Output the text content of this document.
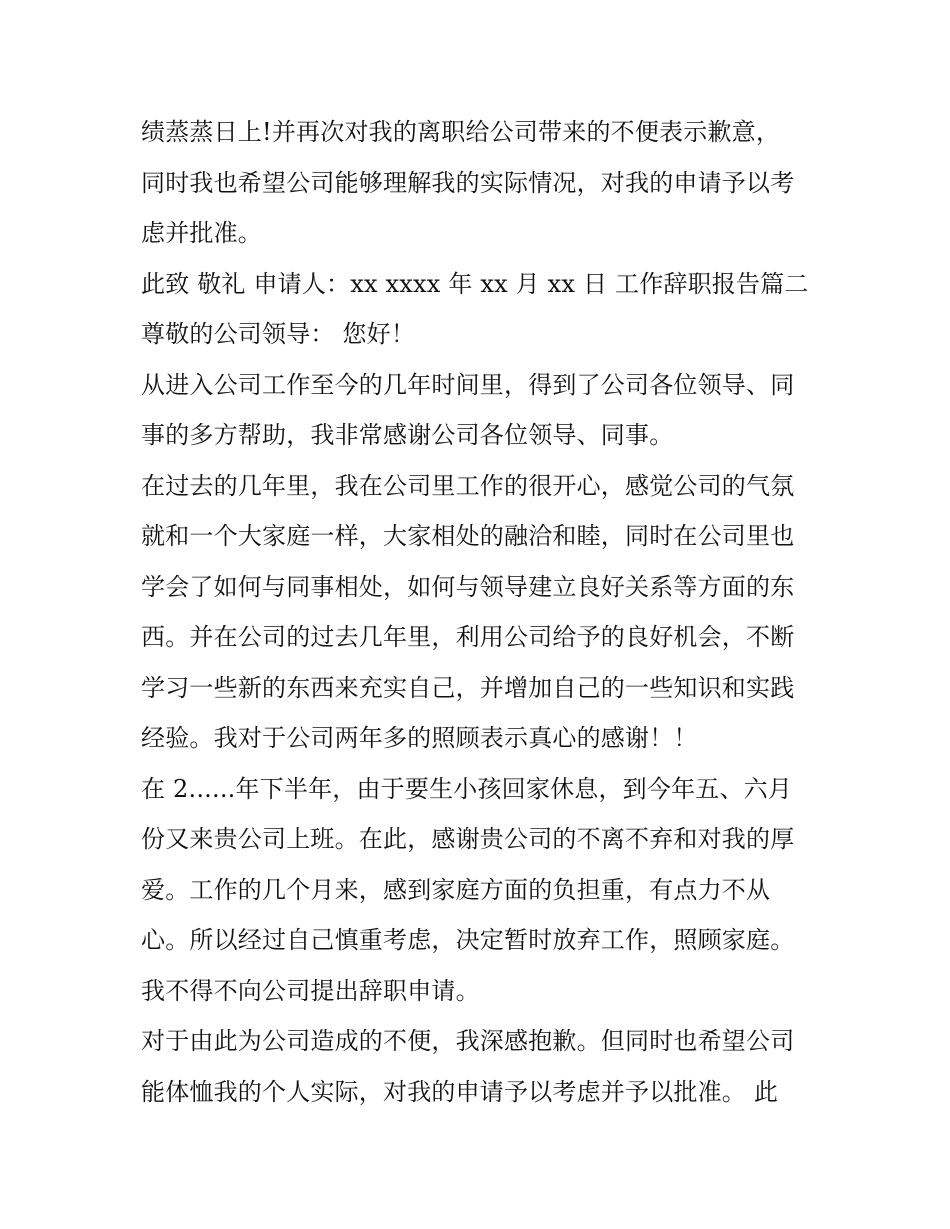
绩蒸蒸日上!并再次对我的离职给公司带来的不便表示歉意，
同时我也希望公司能够理解我的实际情况，对我的申请予以考
虑并批准。
此致 敬礼 申请人：xx xxxx 年 xx 月 xx 日 工作辞职报告篇二
尊敬的公司领导： 您好！
从进入公司工作至今的几年时间里，得到了公司各位领导、同
事的多方帮助，我非常感谢公司各位领导、同事。
在过去的几年里，我在公司里工作的很开心，感觉公司的气氛
就和一个大家庭一样，大家相处的融洽和睦，同时在公司里也
学会了如何与同事相处，如何与领导建立良好关系等方面的东
西。并在公司的过去几年里，利用公司给予的良好机会，不断
学习一些新的东西来充实自己，并增加自己的一些知识和实践
经验。我对于公司两年多的照顾表示真心的感谢！！
在 2......年下半年，由于要生小孩回家休息，到今年五、六月
份又来贵公司上班。在此，感谢贵公司的不离不弃和对我的厚
爱。工作的几个月来，感到家庭方面的负担重，有点力不从
心。所以经过自己慎重考虑，决定暂时放弃工作，照顾家庭。
我不得不向公司提出辞职申请。
对于由此为公司造成的不便，我深感抱歉。但同时也希望公司
能体恤我的个人实际，对我的申请予以考虑并予以批准。 此
